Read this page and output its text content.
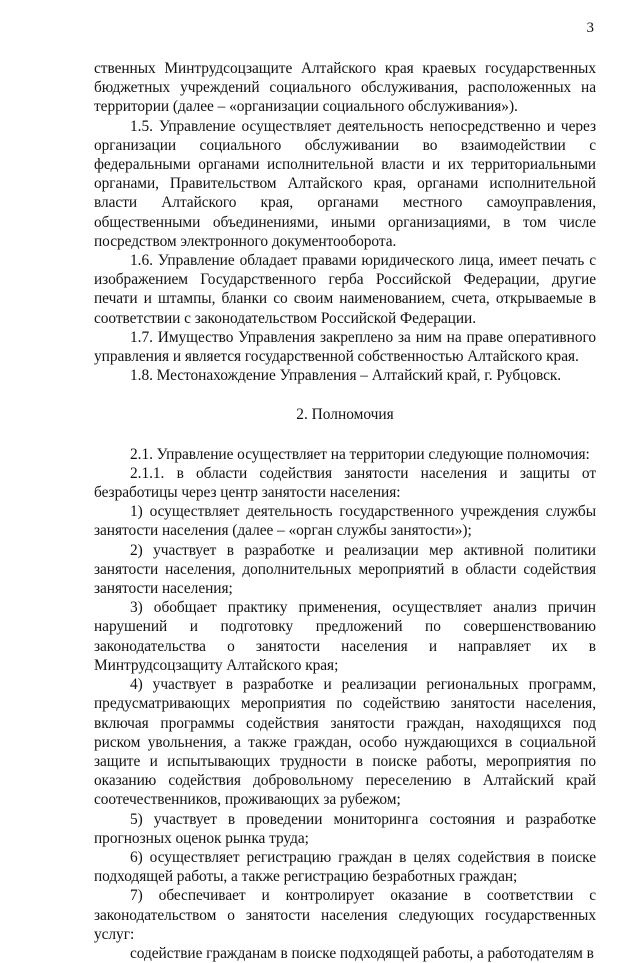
3

ственных Минтрудсоцзащите Алтайского края краевых государственных бюджетных учреждений социального обслуживания, расположенных на территории (далее – «организации социального обслуживания»).

1.5. Управление осуществляет деятельность непосредственно и через организации социального обслуживании во взаимодействии с федеральными органами исполнительной власти и их территориальными органами, Правительством Алтайского края, органами исполнительной власти Алтайского края, органами местного самоуправления, общественными объединениями, иными организациями, в том числе посредством электронного документооборота.

1.6. Управление обладает правами юридического лица, имеет печать с изображением Государственного герба Российской Федерации, другие печати и штампы, бланки со своим наименованием, счета, открываемые в соответствии с законодательством Российской Федерации.

1.7. Имущество Управления закреплено за ним на праве оперативного управления и является государственной собственностью Алтайского края.

1.8. Местонахождение Управления – Алтайский край, г. Рубцовск.

2. Полномочия

2.1. Управление осуществляет на территории следующие полномочия:

2.1.1. в области содействия занятости населения и защиты от безработицы через центр занятости населения:

1) осуществляет деятельность государственного учреждения службы занятости населения (далее – «орган службы занятости»);

2) участвует в разработке и реализации мер активной политики занятости населения, дополнительных мероприятий в области содействия занятости населения;

3) обобщает практику применения, осуществляет анализ причин нарушений и подготовку предложений по совершенствованию законодательства о занятости населения и направляет их в Минтрудсоцзащиту Алтайского края;

4) участвует в разработке и реализации региональных программ, предусматривающих мероприятия по содействию занятости населения, включая программы содействия занятости граждан, находящихся под риском увольнения, а также граждан, особо нуждающихся в социальной защите и испытывающих трудности в поиске работы, мероприятия по оказанию содействия добровольному переселению в Алтайский край соотечественников, проживающих за рубежом;

5) участвует в проведении мониторинга состояния и разработке прогнозных оценок рынка труда;

6) осуществляет регистрацию граждан в целях содействия в поиске подходящей работы, а также регистрацию безработных граждан;

7) обеспечивает и контролирует оказание в соответствии с законодательством о занятости населения следующих государственных услуг:

содействие гражданам в поиске подходящей работы, а работодателям в
